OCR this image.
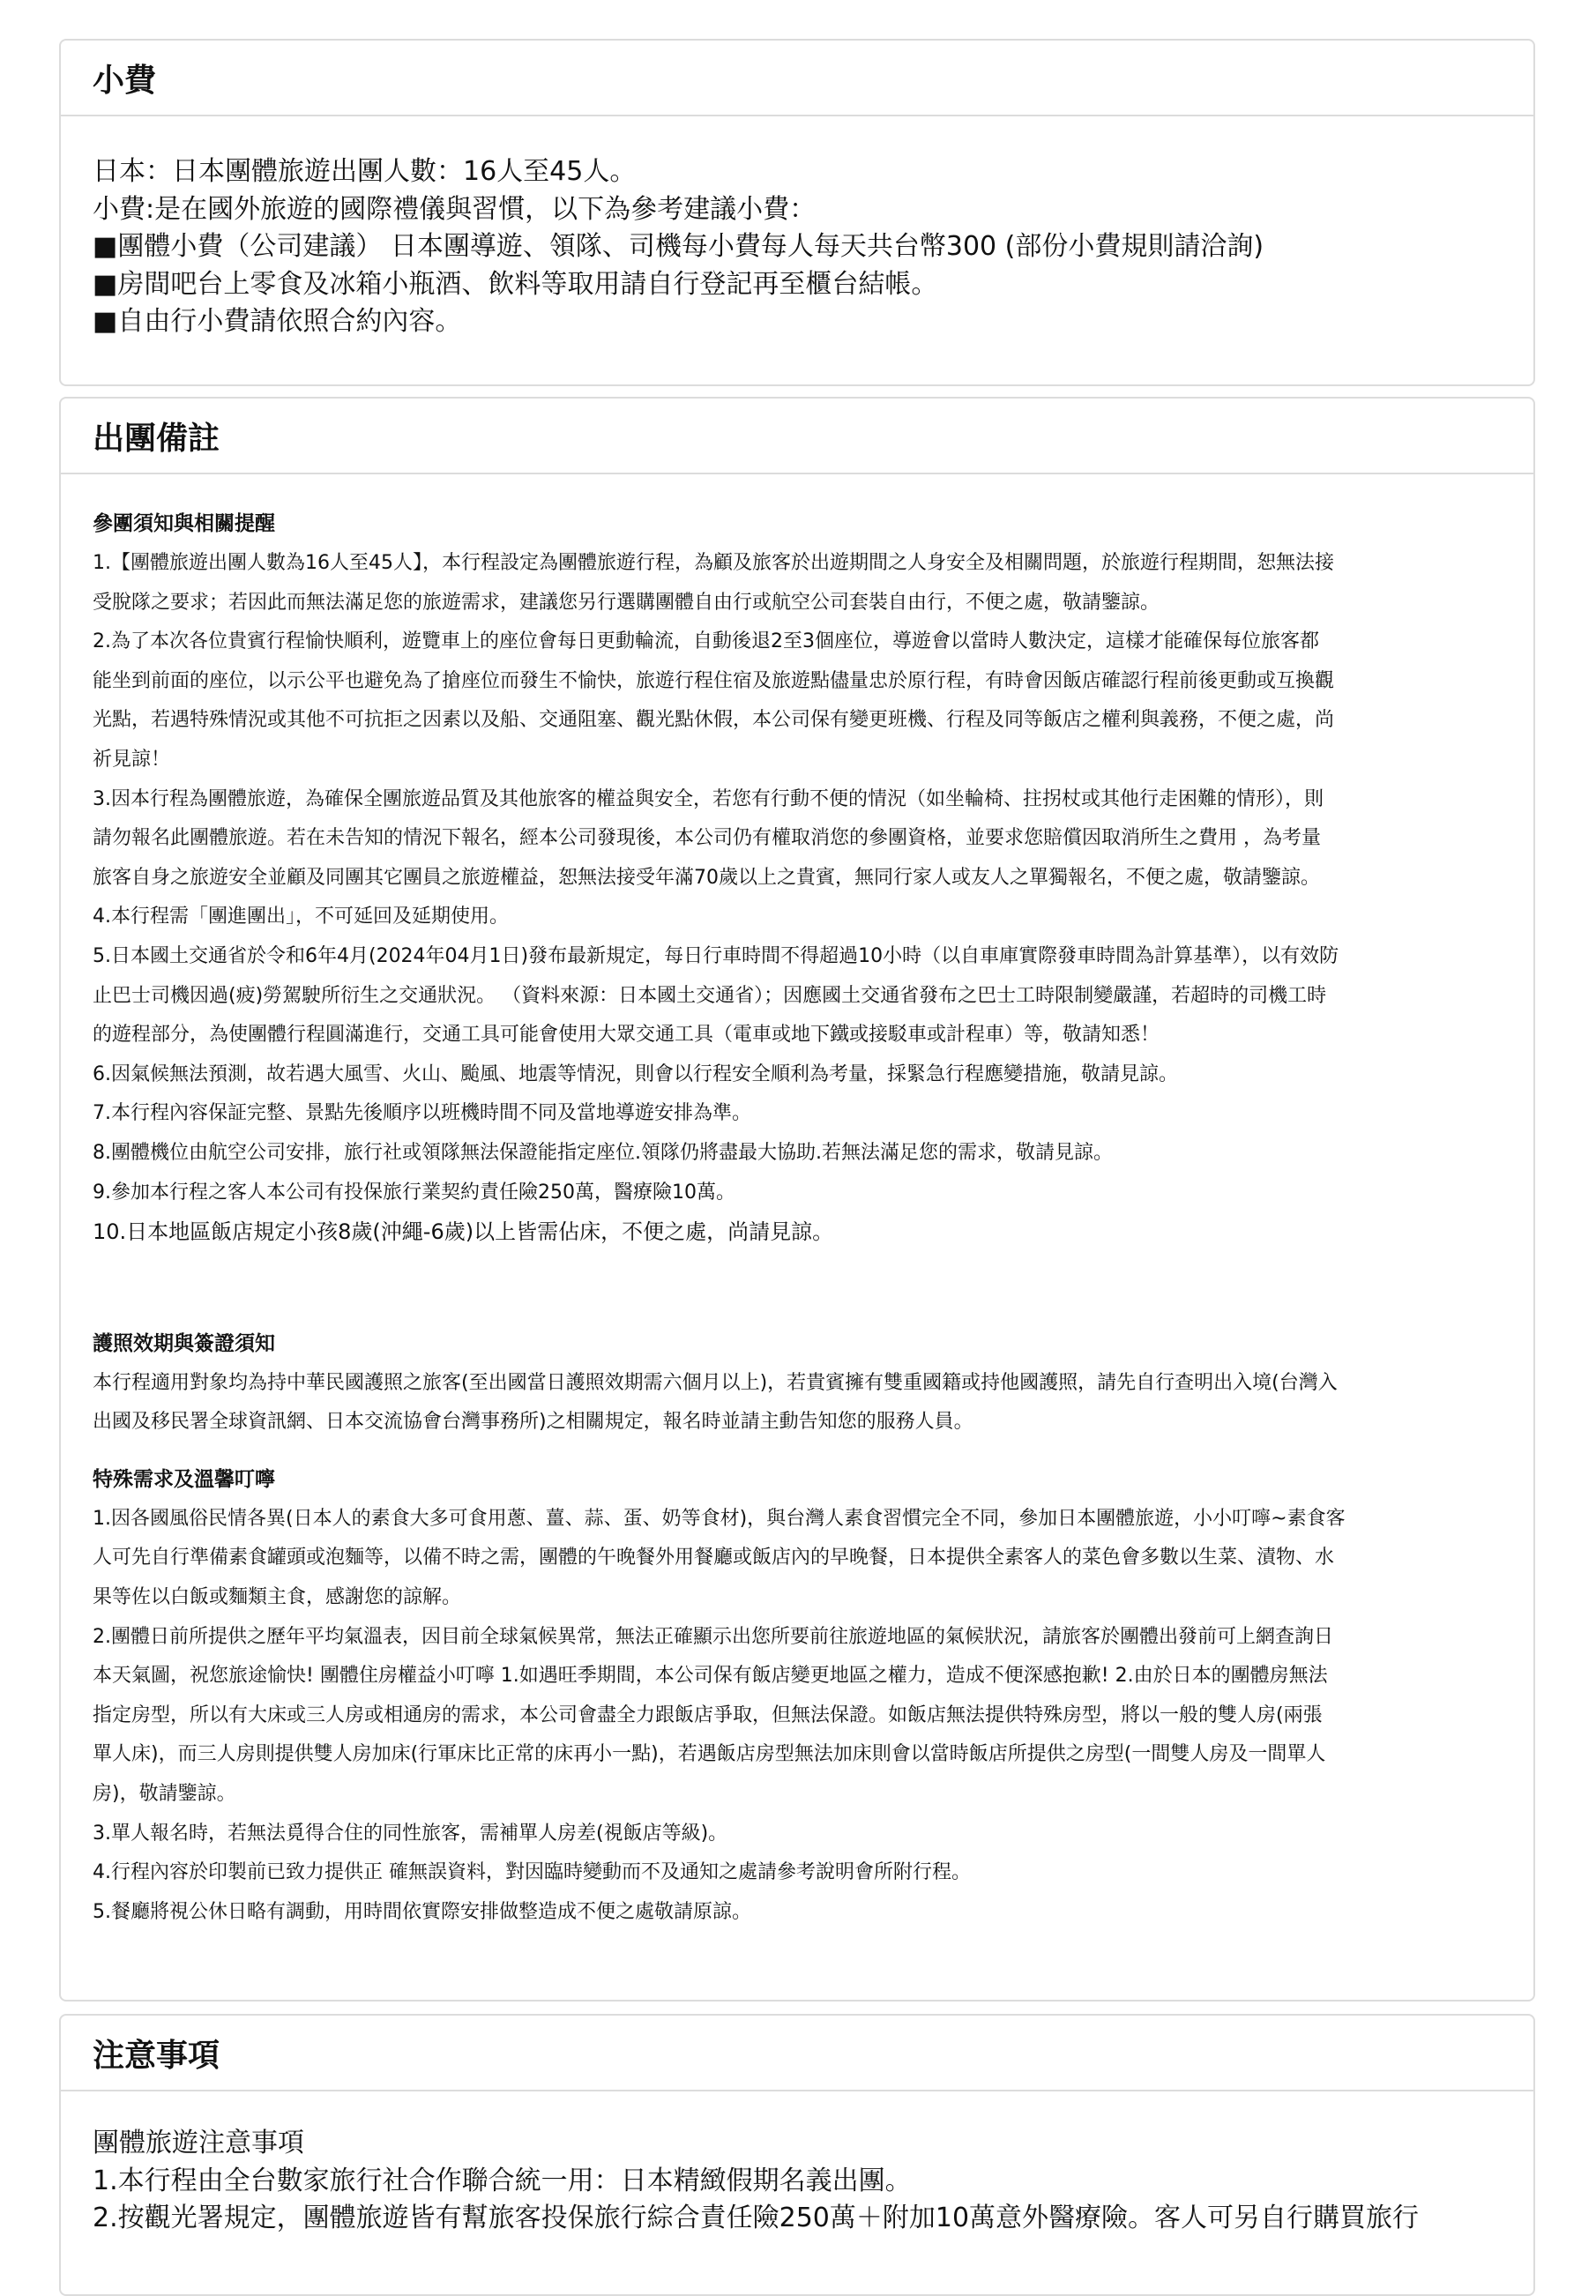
小費
日本：日本團體旅遊出團人數：16人至45人。
小費:是在國外旅遊的國際禮儀與習慣，以下為參考建議小費：
■團體小費（公司建議） 日本團導遊、領隊、司機每小費每人每天共台幣300 (部份小費規則請洽詢)
■房間吧台上零食及冰箱小瓶酒、飲料等取用請自行登記再至櫃台結帳。
■自由行小費請依照合約內容。
出團備註
參團須知與相關提醒
1.【團體旅遊出團人數為16人至45人】，本行程設定為團體旅遊行程，為顧及旅客於出遊期間之人身安全及相關問題，於旅遊行程期間，恕無法接
受脫隊之要求；若因此而無法滿足您的旅遊需求，建議您另行選購團體自由行或航空公司套裝自由行，不便之處，敬請鑒諒。
2.為了本次各位貴賓行程愉快順利，遊覽車上的座位會每日更動輪流，自動後退2至3個座位，導遊會以當時人數決定，這樣才能確保每位旅客都
能坐到前面的座位，以示公平也避免為了搶座位而發生不愉快，旅遊行程住宿及旅遊點儘量忠於原行程，有時會因飯店確認行程前後更動或互換觀
光點，若遇特殊情況或其他不可抗拒之因素以及船、交通阻塞、觀光點休假，本公司保有變更班機、行程及同等飯店之權利與義務，不便之處，尚
祈見諒！
3.因本行程為團體旅遊，為確保全團旅遊品質及其他旅客的權益與安全，若您有行動不便的情況（如坐輪椅、拄拐杖或其他行走困難的情形），則
請勿報名此團體旅遊。若在未告知的情況下報名，經本公司發現後，本公司仍有權取消您的參團資格，並要求您賠償因取消所生之費用 ，為考量
旅客自身之旅遊安全並顧及同團其它團員之旅遊權益，恕無法接受年滿70歲以上之貴賓，無同行家人或友人之單獨報名，不便之處，敬請鑒諒。
4.本行程需「團進團出」，不可延回及延期使用。
5.日本國土交通省於令和6年4月(2024年04月1日)發布最新規定，每日行車時間不得超過10小時（以自車庫實際發車時間為計算基準），以有效防
止巴士司機因過(疲)勞駕駛所衍生之交通狀況。 （資料來源：日本國土交通省）；因應國土交通省發布之巴士工時限制變嚴謹，若超時的司機工時
的遊程部分，為使團體行程圓滿進行，交通工具可能會使用大眾交通工具（電車或地下鐵或接駁車或計程車）等，敬請知悉！
6.因氣候無法預測，故若遇大風雪、火山、颱風、地震等情況，則會以行程安全順利為考量，採緊急行程應變措施，敬請見諒。
7.本行程內容保証完整、景點先後順序以班機時間不同及當地導遊安排為準。
8.團體機位由航空公司安排，旅行社或領隊無法保證能指定座位.領隊仍將盡最大協助.若無法滿足您的需求，敬請見諒。
9.參加本行程之客人本公司有投保旅行業契約責任險250萬，醫療險10萬。
10.日本地區飯店規定小孩8歲(沖繩-6歲)以上皆需佔床，不便之處，尚請見諒。
護照效期與簽證須知
本行程適用對象均為持中華民國護照之旅客(至出國當日護照效期需六個月以上)，若貴賓擁有雙重國籍或持他國護照，請先自行查明出入境(台灣入
出國及移民署全球資訊網、日本交流協會台灣事務所)之相關規定，報名時並請主動告知您的服務人員。
特殊需求及溫馨叮嚀
1.因各國風俗民情各異(日本人的素食大多可食用蔥、薑、蒜、蛋、奶等食材)，與台灣人素食習慣完全不同，參加日本團體旅遊，小小叮嚀~素食客
人可先自行準備素食罐頭或泡麵等，以備不時之需，團體的午晚餐外用餐廳或飯店內的早晚餐，日本提供全素客人的菜色會多數以生菜、漬物、水
果等佐以白飯或麵類主食，感謝您的諒解。
2.團體日前所提供之歷年平均氣溫表，因目前全球氣候異常，無法正確顯示出您所要前往旅遊地區的氣候狀況，請旅客於團體出發前可上網查詢日
本天氣圖，祝您旅途愉快! 團體住房權益小叮嚀 1.如遇旺季期間，本公司保有飯店變更地區之權力，造成不便深感抱歉! 2.由於日本的團體房無法
指定房型，所以有大床或三人房或相通房的需求，本公司會盡全力跟飯店爭取，但無法保證。如飯店無法提供特殊房型，將以一般的雙人房(兩張
單人床)，而三人房則提供雙人房加床(行軍床比正常的床再小一點)，若遇飯店房型無法加床則會以當時飯店所提供之房型(一間雙人房及一間單人
房)，敬請鑒諒。
3.單人報名時，若無法覓得合住的同性旅客，需補單人房差(視飯店等級)。
4.行程內容於印製前已致力提供正 確無誤資料，對因臨時變動而不及通知之處請參考說明會所附行程。
5.餐廳將視公休日略有調動，用時間依實際安排做整造成不便之處敬請原諒。
注意事項
團體旅遊注意事項
1.本行程由全台數家旅行社合作聯合統一用：日本精緻假期名義出團。
2.按觀光署規定，團體旅遊皆有幫旅客投保旅行綜合責任險250萬＋附加10萬意外醫療險。客人可另自行購買旅行
